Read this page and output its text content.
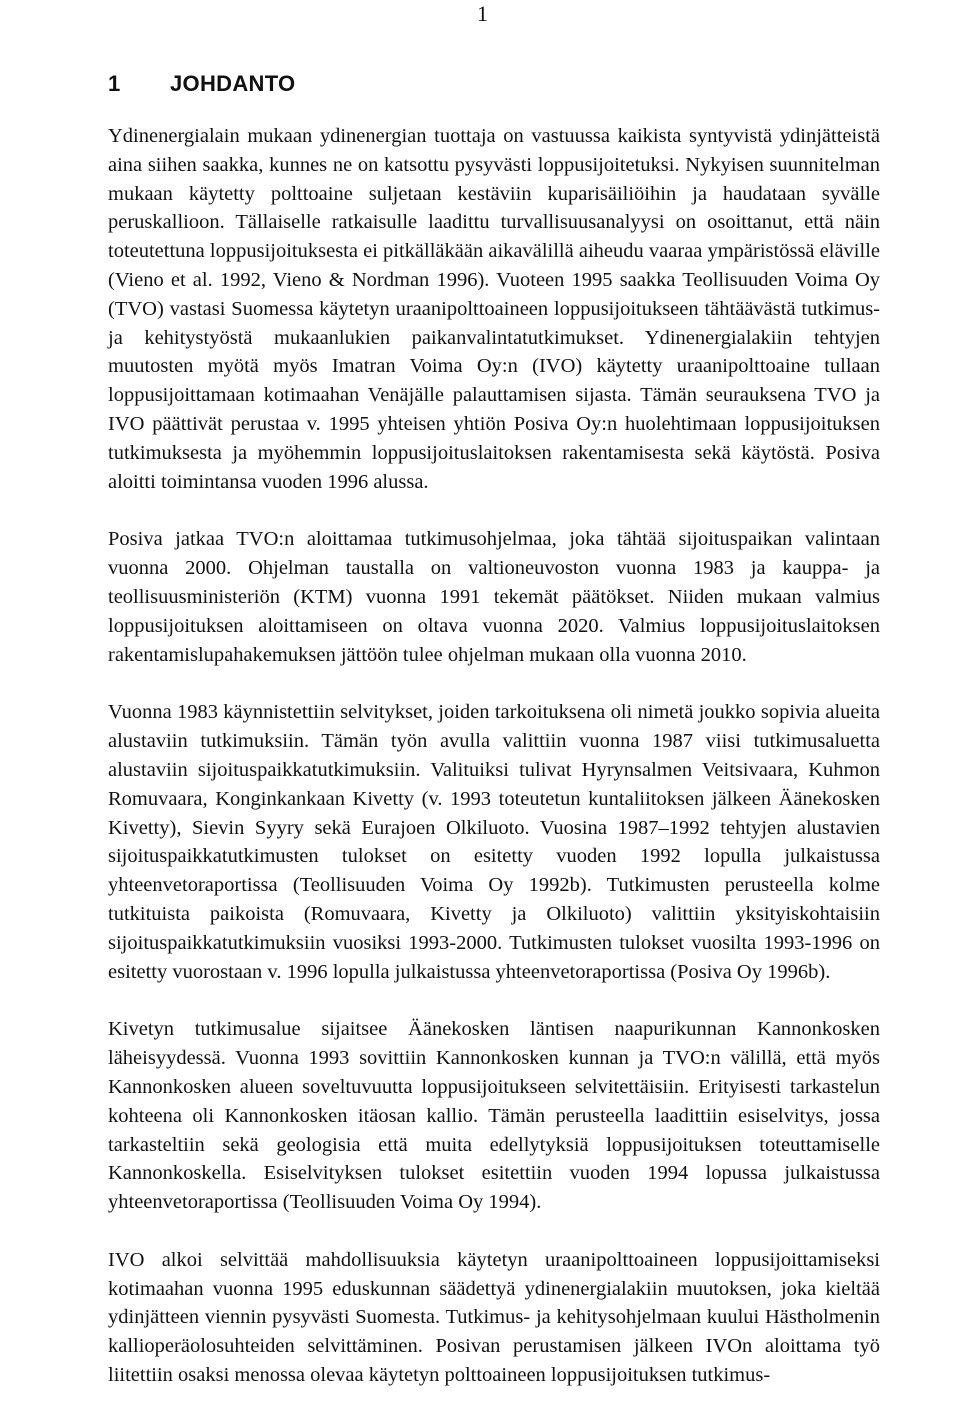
1
1 JOHDANTO

Ydinenergialain mukaan ydinenergian tuottaja on vastuussa kaikista syntyvistä ydinjätteistä aina siihen saakka, kunnes ne on katsottu pysyvästi loppusijoitetuksi. Nykyisen suunnitelman mukaan käytetty polttoaine suljetaan kestäviin kuparisäiliöihin ja haudataan syvälle peruskallioon. Tällaiselle ratkaisulle laadittu turvallisuusanalyysi on osoittanut, että näin toteutettuna loppusijoituksesta ei pitkälläkään aikavälillä aiheudu vaaraa ympäristössä eläville (Vieno et al. 1992, Vieno & Nordman 1996). Vuoteen 1995 saakka Teollisuuden Voima Oy (TVO) vastasi Suomessa käytetyn uraanipolttoaineen loppusijoitukseen tähtäävästä tutkimus- ja kehitystyöstä mukaanlukien paikanvalintatutkimukset. Ydinenergialakiin tehtyjen muutosten myötä myös Imatran Voima Oy:n (IVO) käytetty uraanipolttoaine tullaan loppusijoittamaan kotimaahan Venäjälle palauttamisen sijasta. Tämän seurauksena TVO ja IVO päättivät perustaa v. 1995 yhteisen yhtiön Posiva Oy:n huolehtimaan loppusijoituksen tutkimuksesta ja myöhemmin loppusijoituslaitoksen rakentamisesta sekä käytöstä. Posiva aloitti toimintansa vuoden 1996 alussa.

Posiva jatkaa TVO:n aloittamaa tutkimusohjelmaa, joka tähtää sijoituspaikan valintaan vuonna 2000. Ohjelman taustalla on valtioneuvoston vuonna 1983 ja kauppa- ja teollisuusministeriön (KTM) vuonna 1991 tekemät päätökset. Niiden mukaan valmius loppusijoituksen aloittamiseen on oltava vuonna 2020. Valmius loppusijoituslaitoksen rakentamislupahakemuksen jättöön tulee ohjelman mukaan olla vuonna 2010.

Vuonna 1983 käynnistettiin selvitykset, joiden tarkoituksena oli nimetä joukko sopivia alueita alustaviin tutkimuksiin. Tämän työn avulla valittiin vuonna 1987 viisi tutkimusaluetta alustaviin sijoituspaikkatutkimuksiin. Valituiksi tulivat Hyrynsalmen Veitsivaara, Kuhmon Romuvaara, Konginkankaan Kivetty (v. 1993 toteutetun kuntaliitoksen jälkeen Äänekosken Kivetty), Sievin Syyry sekä Eurajoen Olkiluoto. Vuosina 1987–1992 tehtyjen alustavien sijoituspaikkatutkimusten tulokset on esitetty vuoden 1992 lopulla julkaistussa yhteenvetoraportissa (Teollisuuden Voima Oy 1992b). Tutkimusten perusteella kolme tutkituista paikoista (Romuvaara, Kivetty ja Olkiluoto) valittiin yksityiskohtaisiin sijoituspaikkatutkimuksiin vuosiksi 1993-2000. Tutkimusten tulokset vuosilta 1993-1996 on esitetty vuorostaan v. 1996 lopulla julkaistussa yhteenvetoraportissa (Posiva Oy 1996b).

Kivetyn tutkimusalue sijaitsee Äänekosken läntisen naapurikunnan Kannonkosken läheisyydessä. Vuonna 1993 sovittiin Kannonkosken kunnan ja TVO:n välillä, että myös Kannonkosken alueen soveltuvuutta loppusijoitukseen selvitettäisiin. Erityisesti tarkastelun kohteena oli Kannonkosken itäosan kallio. Tämän perusteella laadittiin esiselvitys, jossa tarkasteltiin sekä geologisia että muita edellytyksiä loppusijoituksen toteuttamiselle Kannonkoskella. Esiselvityksen tulokset esitettiin vuoden 1994 lopussa julkaistussa yhteenvetoraportissa (Teollisuuden Voima Oy 1994).

IVO alkoi selvittää mahdollisuuksia käytetyn uraanipolttoaineen loppusijoittamiseksi kotimaahan vuonna 1995 eduskunnan säädettyä ydinenergialakiin muutoksen, joka kieltää ydinjätteen viennin pysyvästi Suomesta. Tutkimus- ja kehitysohjelmaan kuului Hästholmenin kallioperäolosuhteiden selvittäminen. Posivan perustamisen jälkeen IVOn aloittama työ liitettiin osaksi menossa olevaa käytetyn polttoaineen loppusijoituksen tutkimus-
